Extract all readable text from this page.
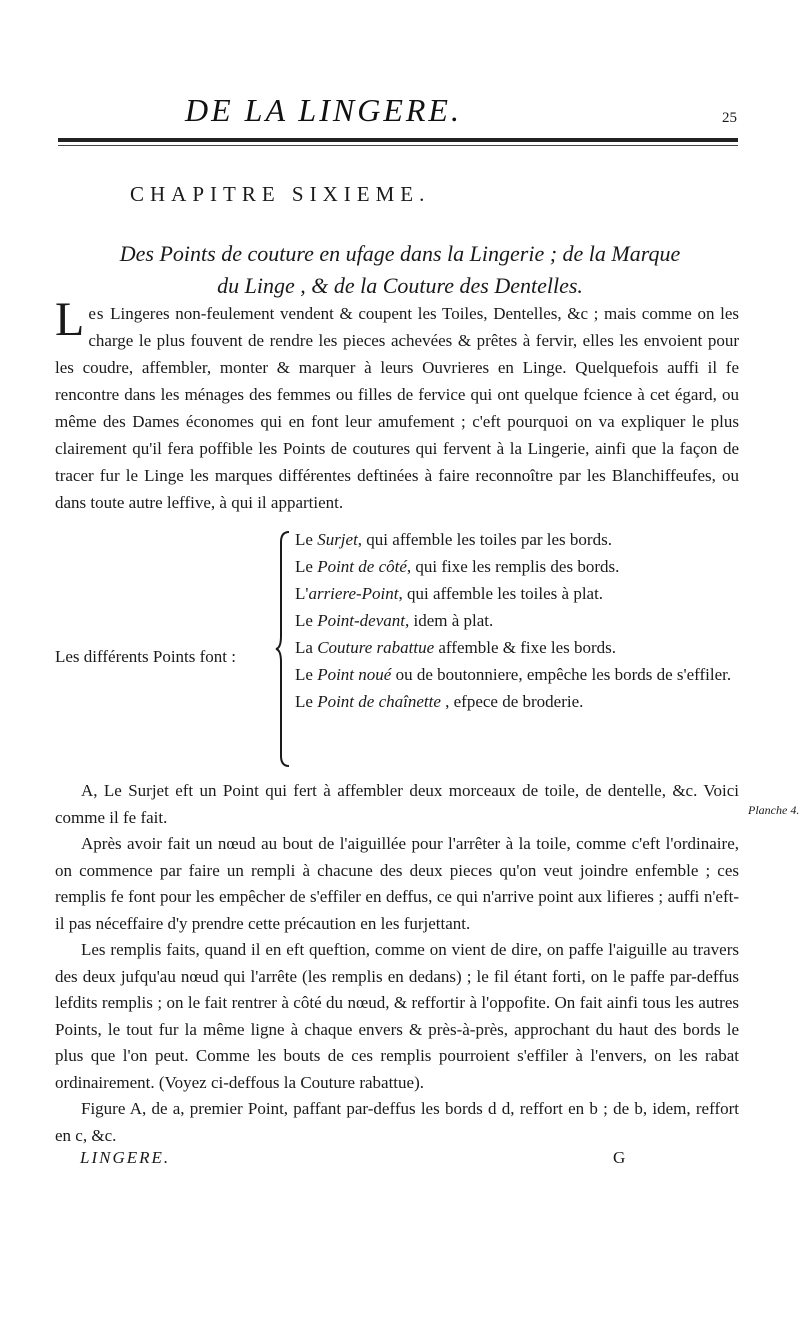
DE LA LINGERE.	25
CHAPITRE SIXIEME.
Des Points de couture en ufage dans la Lingerie ; de la Marque
du Linge , & de la Couture des Dentelles.
Les Lingeres non-feulement vendent & coupent les Toiles, Dentelles, &c ; mais comme on les charge le plus fouvent de rendre les pieces achevées & prêtes à fervir, elles les envoient pour les coudre, affembler, monter & marquer à leurs Ouvrieres en Linge. Quelquefois auffi il fe rencontre dans les ménages des femmes ou filles de fervice qui ont quelque fcience à cet égard, ou même des Dames économes qui en font leur amufement ; c'eft pourquoi on va expliquer le plus clairement qu'il fera poffible les Points de coutures qui fervent à la Lingerie, ainfi que la façon de tracer fur le Linge les marques différentes deftinées à faire reconnoître par les Blanchiffeufes, ou dans toute autre leffive, à qui il appartient.
Les différents Points font :
Le Surjet, qui affemble les toiles par les bords.
Le Point de côté, qui fixe les remplis des bords.
L'arriere-Point, qui affemble les toiles à plat.
Le Point-devant, idem à plat.
La Couture rabattue affemble & fixe les bords.
Le Point noué ou de boutonniere, empêche les bords de s'effiler.
Le Point de chaînette , efpece de broderie.

A, Le Surjet eft un Point qui fert à affembler deux morceaux de toile, de dentelle, &c. Voici comme il fe fait.

Après avoir fait un nœud au bout de l'aiguillée pour l'arrêter à la toile, comme c'eft l'ordinaire, on commence par faire un rempli à chacune des deux pieces qu'on veut joindre enfemble ; ces remplis fe font pour les empêcher de s'effiler en deffus, ce qui n'arrive point aux lifieres ; auffi n'eft-il pas néceffaire d'y prendre cette précaution en les furjettant.

Les remplis faits, quand il en eft queftion, comme on vient de dire, on paffe l'aiguille au travers des deux jufqu'au nœud qui l'arrête (les remplis en dedans) ; le fil étant forti, on le paffe par-deffus lefdits remplis ; on le fait rentrer à côté du nœud, & reffortir à l'oppofite. On fait ainfi tous les autres Points, le tout fur la même ligne à chaque envers & près-à-près, approchant du haut des bords le plus que l'on peut. Comme les bouts de ces remplis pourroient s'effiler à l'envers, on les rabat ordinairement. (Voyez ci-deffous la Couture rabattue).

Figure A, de a, premier Point, paffant par-deffus les bords d d, reffort en b ; de b, idem, reffort en c, &c.

Planche 4.
LINGERE.	G
